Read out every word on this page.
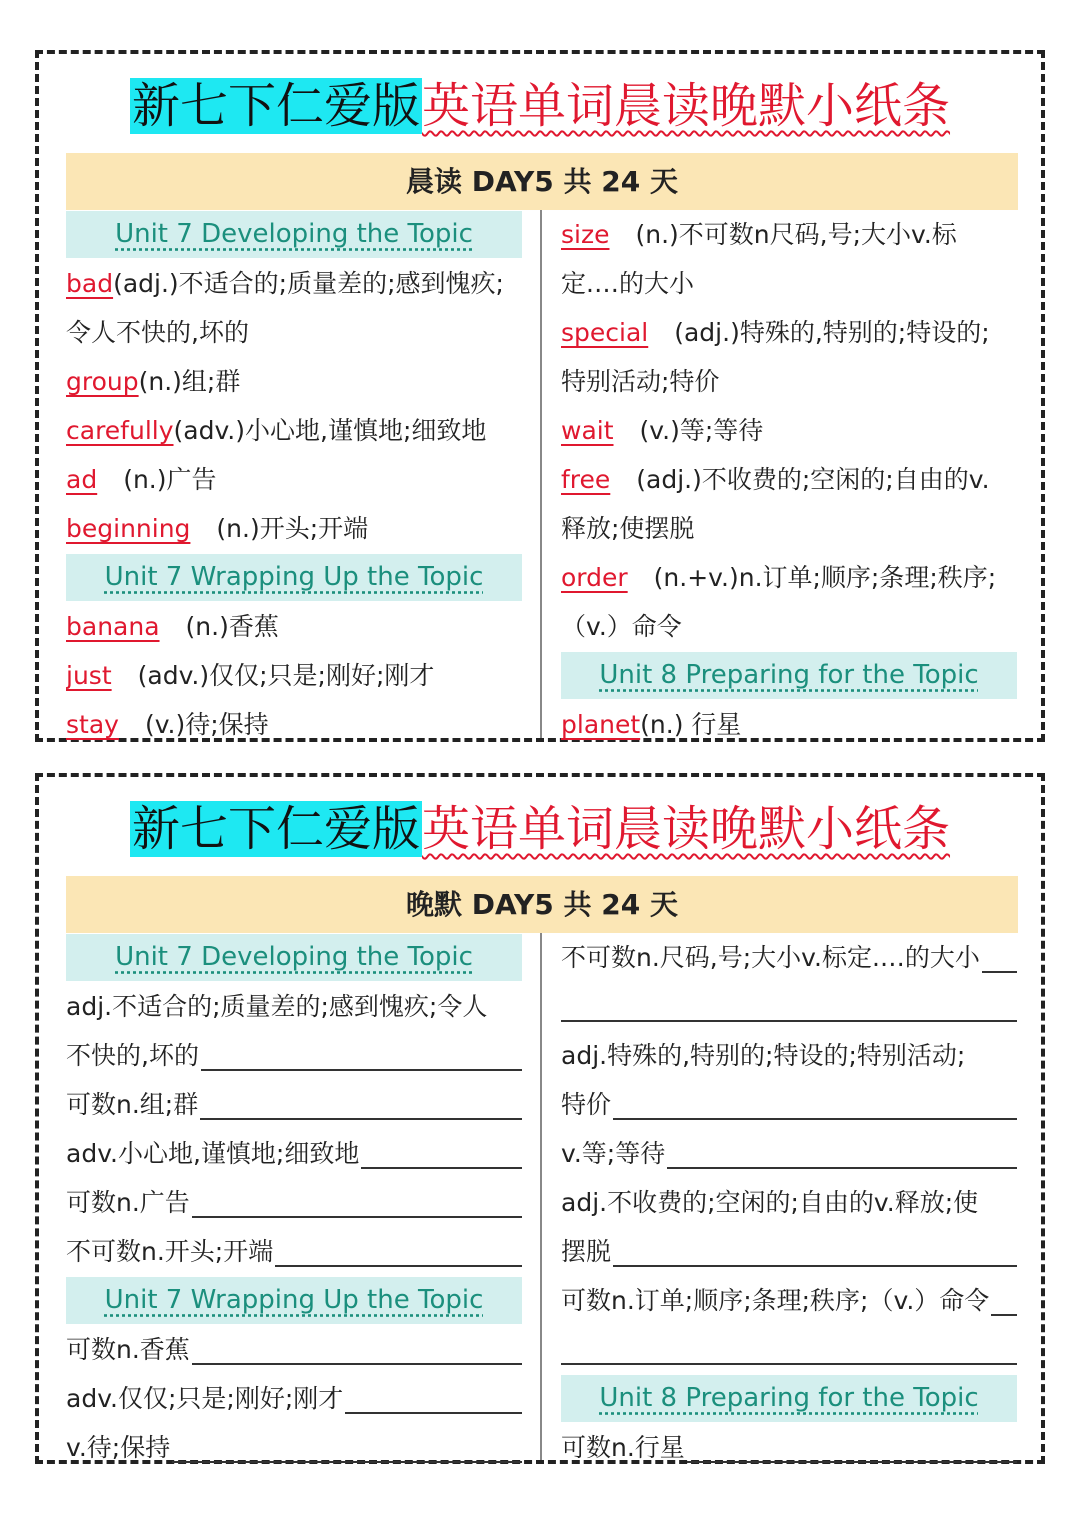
新七下仁爱版英语单词晨读晚默小纸条
晨读 DAY5 共 24 天
Unit 7 Developing the Topic
bad(adj.)不适合的;质量差的;感到愧疚;
令人不快的,坏的
group(n.)组;群
carefully(adv.)小心地,谨慎地;细致地
ad (n.)广告
beginning (n.)开头;开端
Unit 7 Wrapping Up the Topic
banana (n.)香蕉
just (adv.)仅仅;只是;刚好;刚才
stay (v.)待;保持
size (n.)不可数n尺码,号;大小v.标
定.…的大小
special (adj.)特殊的,特别的;特设的;
特别活动;特价
wait (v.)等;等待
free (adj.)不收费的;空闲的;自由的v.
释放;使摆脱
order (n.+v.)n.订单;顺序;条理;秩序;
（v.）命令
Unit 8 Preparing for the Topic
planet(n.) 行星
新七下仁爱版英语单词晨读晚默小纸条
晚默 DAY5 共 24 天
Unit 7 Developing the Topic
adj.不适合的;质量差的;感到愧疚;令人
不快的,坏的
可数n.组;群
adv.小心地,谨慎地;细致地
可数n.广告
不可数n.开头;开端
Unit 7 Wrapping Up the Topic
可数n.香蕉
adv.仅仅;只是;刚好;刚才
v.待;保持
不可数n.尺码,号;大小v.标定.…的大小
adj.特殊的,特别的;特设的;特别活动;
特价
v.等;等待
adj.不收费的;空闲的;自由的v.释放;使
摆脱
可数n.订单;顺序;条理;秩序;（v.）命令
Unit 8 Preparing for the Topic
可数n.行星
